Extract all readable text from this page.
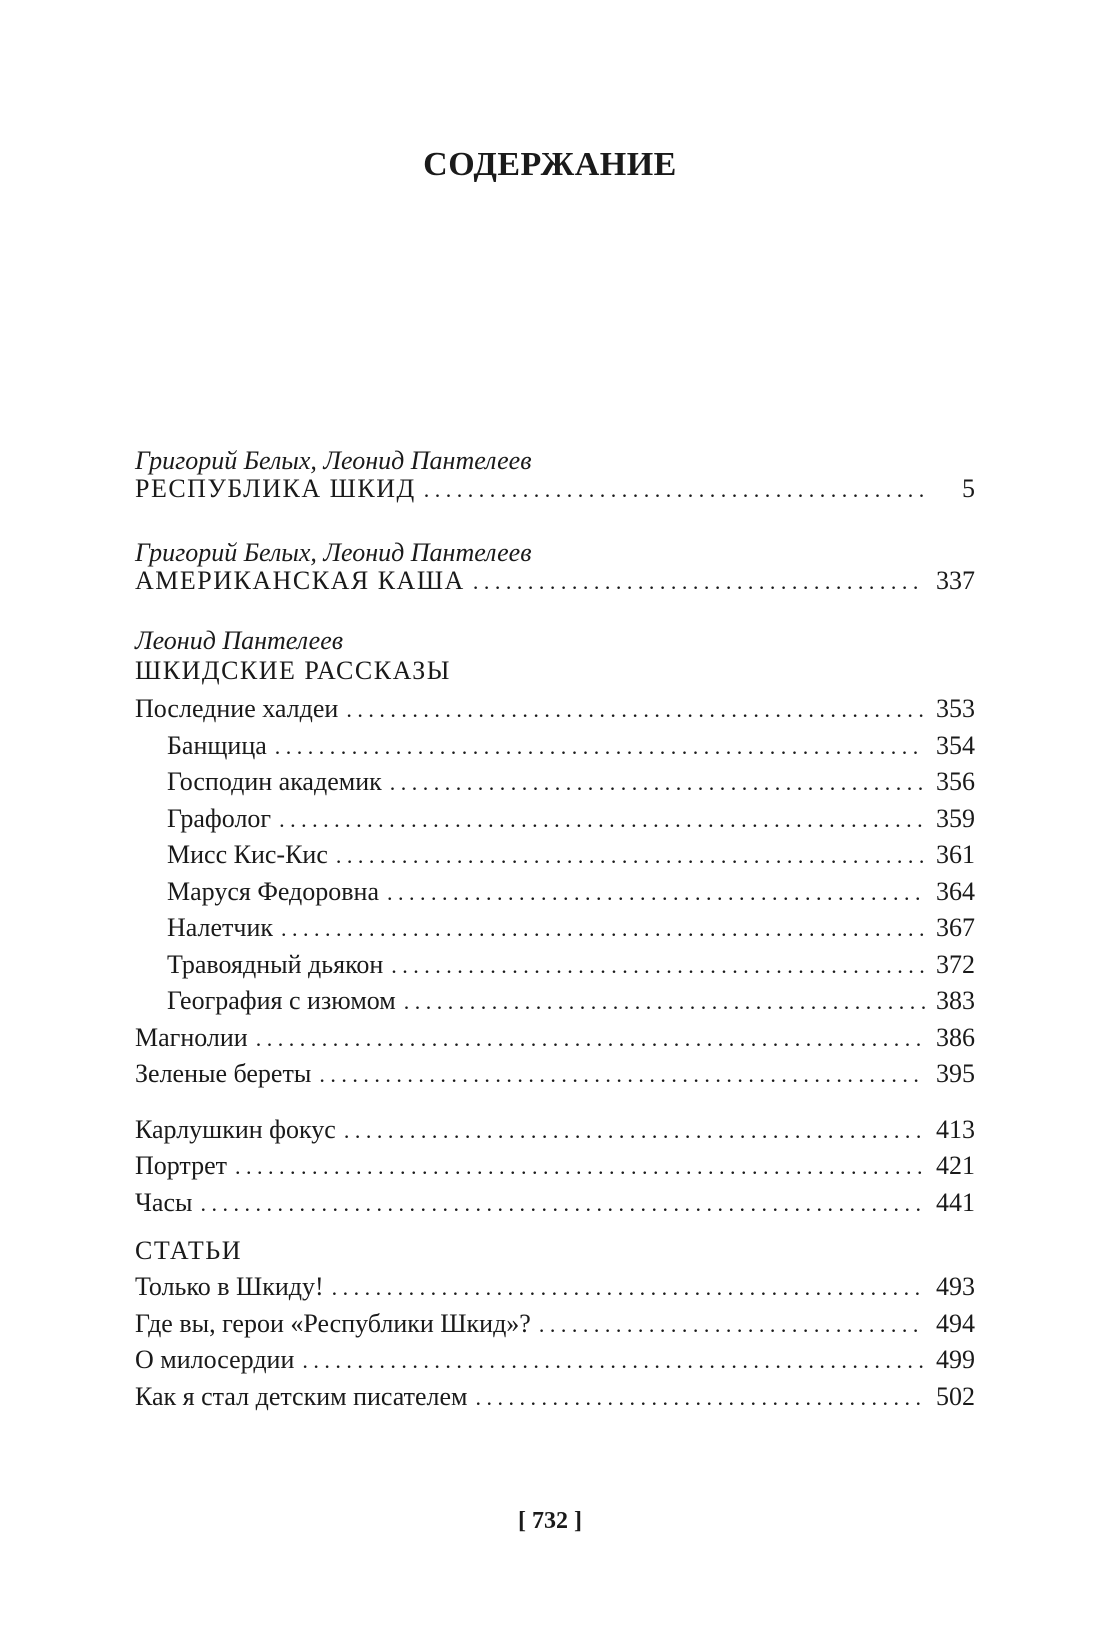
СОДЕРЖАНИЕ
Григорий Белых, Леонид Пантелеев
РЕСПУБЛИКА ШКИД . . .	5
Григорий Белых, Леонид Пантелеев
АМЕРИКАНСКАЯ КАША . . .	337
Леонид Пантелеев
ШКИДСКИЕ РАССКАЗЫ
Последние халдеи . . .	353
Банщица . . .	354
Господин академик . . .	356
Графолог . . .	359
Мисс Кис-Кис . . .	361
Маруся Федоровна . . .	364
Налетчик . . .	367
Травоядный дьякон . . .	372
География с изюмом . . .	383
Магнолии . . .	386
Зеленые береты . . .	395
Карлушкин фокус . . .	413
Портрет . . .	421
Часы . . .	441
СТАТЬИ
Только в Шкиду! . . .	493
Где вы, герои «Республики Шкид»? . . .	494
О милосердии . . .	499
Как я стал детским писателем . . .	502
[ 732 ]
